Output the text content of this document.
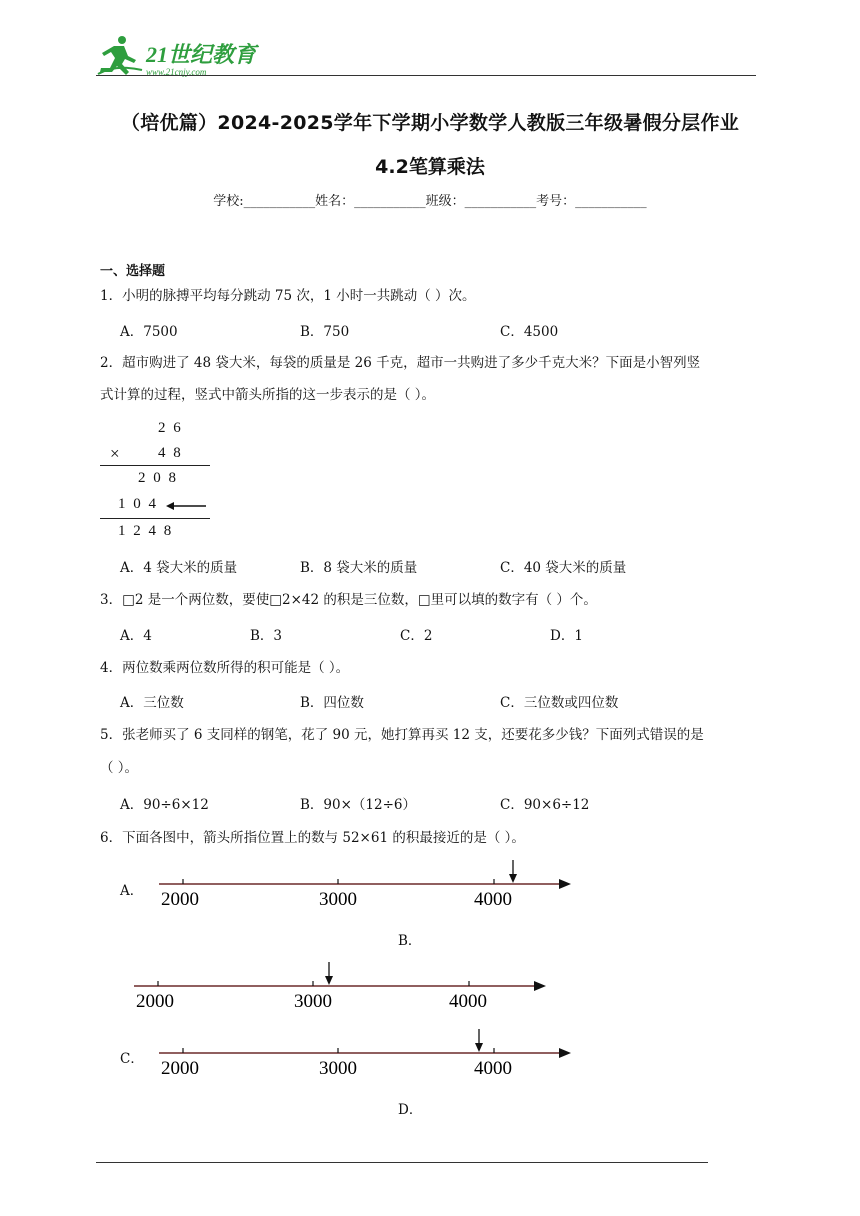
21世纪教育
www.21cnjy.com
（培优篇）2024-2025学年下学期小学数学人教版三年级暑假分层作业
4.2笔算乘法
学校:___________姓名：___________班级：___________考号：___________
一、选择题
1．小明的脉搏平均每分跳动 75 次，1 小时一共跳动（ ）次。
A．7500	B．750	C．4500
2．超市购进了 48 袋大米，每袋的质量是 26 千克，超市一共购进了多少千克大米？下面是小智列竖
式计算的过程，竖式中箭头所指的这一步表示的是（ ）。
2 6
×	4 8
2 0 8
1 0 4
1 2 4 8
A．4 袋大米的质量	B．8 袋大米的质量	C．40 袋大米的质量
3．□2 是一个两位数，要使□2×42 的积是三位数，□里可以填的数字有（ ）个。
A．4	B．3	C．2	D．1
4．两位数乘两位数所得的积可能是（ ）。
A．三位数	B．四位数	C．三位数或四位数
5．张老师买了 6 支同样的钢笔，花了 90 元，她打算再买 12 支，还要花多少钱？下面列式错误的是
（ ）。
A．90÷6×12	B．90×（12÷6）	C．90×6÷12
6．下面各图中，箭头所指位置上的数与 52×61 的积最接近的是（ ）。
A． 2000	3000	4000
B．
2000	3000	4000
C． 2000	3000	4000
D．
